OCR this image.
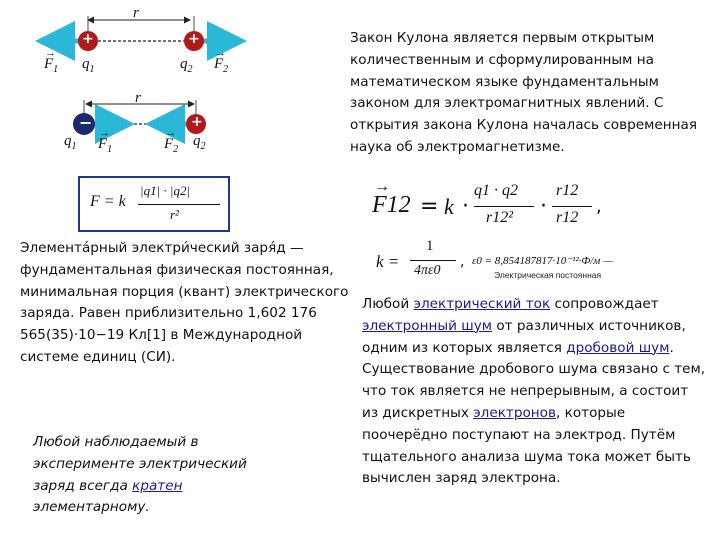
r
+	+
→
$F_1$ $q_1$	$q_2$
→
$F_2$
r
−	+
$q_1$
→
$F_1$
→
$F_2$
$q_2$
F = k
|q1| · |q2|
r²

Закон Кулона является первым открытым количественным и сформулированным на математическом языке фундаментальным законом для электромагнитных явлений. С открытия закона Кулона началась современная наука об электромагнетизме.

→
F12 = k ·
q1 · q2
r12² ·
r12
r12
,
k =
1
4πε0
, ε0 = 8,854187817·10⁻¹²·Ф/м —
Электрическая постоянная

Элемента́рный электри́ческий заря́д — фундаментальная физическая постоянная, минимальная порция (квант) электрического заряда. Равен приблизительно 1,602 176 565(35)·10−19 Кл[1] в Международной системе единиц (СИ).

Любой наблюдаемый в эксперименте электрический заряд всегда кратен элементарному.

Любой электрический ток сопровождает электронный шум от различных источников, одним из которых является дробовой шум. Существование дробового шума связано с тем, что ток является не непрерывным, а состоит из дискретных электронов, которые поочерёдно поступают на электрод. Путём тщательного анализа шума тока может быть вычислен заряд электрона.
